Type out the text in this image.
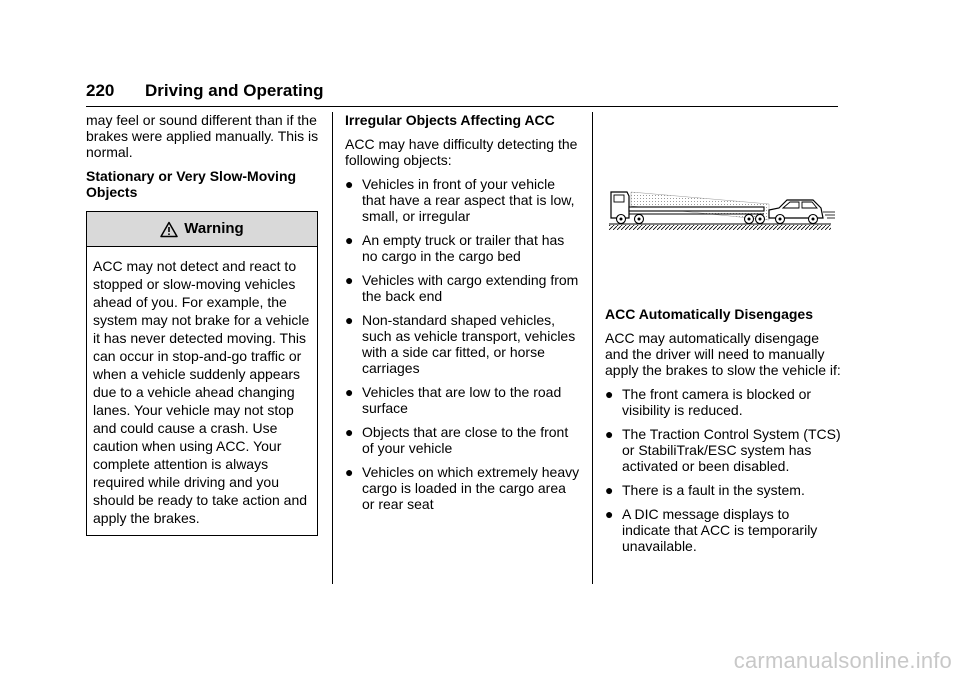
220 Driving and Operating

may feel or sound different than if the brakes were applied manually. This is normal.

Stationary or Very Slow-Moving Objects

Warning
ACC may not detect and react to stopped or slow-moving vehicles ahead of you. For example, the system may not brake for a vehicle it has never detected moving. This can occur in stop-and-go traffic or when a vehicle suddenly appears due to a vehicle ahead changing lanes. Your vehicle may not stop and could cause a crash. Use caution when using ACC. Your complete attention is always required while driving and you should be ready to take action and apply the brakes.

Irregular Objects Affecting ACC

ACC may have difficulty detecting the following objects:

● Vehicles in front of your vehicle that have a rear aspect that is low, small, or irregular
● An empty truck or trailer that has no cargo in the cargo bed
● Vehicles with cargo extending from the back end
● Non-standard shaped vehicles, such as vehicle transport, vehicles with a side car fitted, or horse carriages
● Vehicles that are low to the road surface
● Objects that are close to the front of your vehicle
● Vehicles on which extremely heavy cargo is loaded in the cargo area or rear seat

ACC Automatically Disengages

ACC may automatically disengage and the driver will need to manually apply the brakes to slow the vehicle if:

● The front camera is blocked or visibility is reduced.
● The Traction Control System (TCS) or StabiliTrak/ESC system has activated or been disabled.
● There is a fault in the system.
● A DIC message displays to indicate that ACC is temporarily unavailable.
carmanualsonline.info
